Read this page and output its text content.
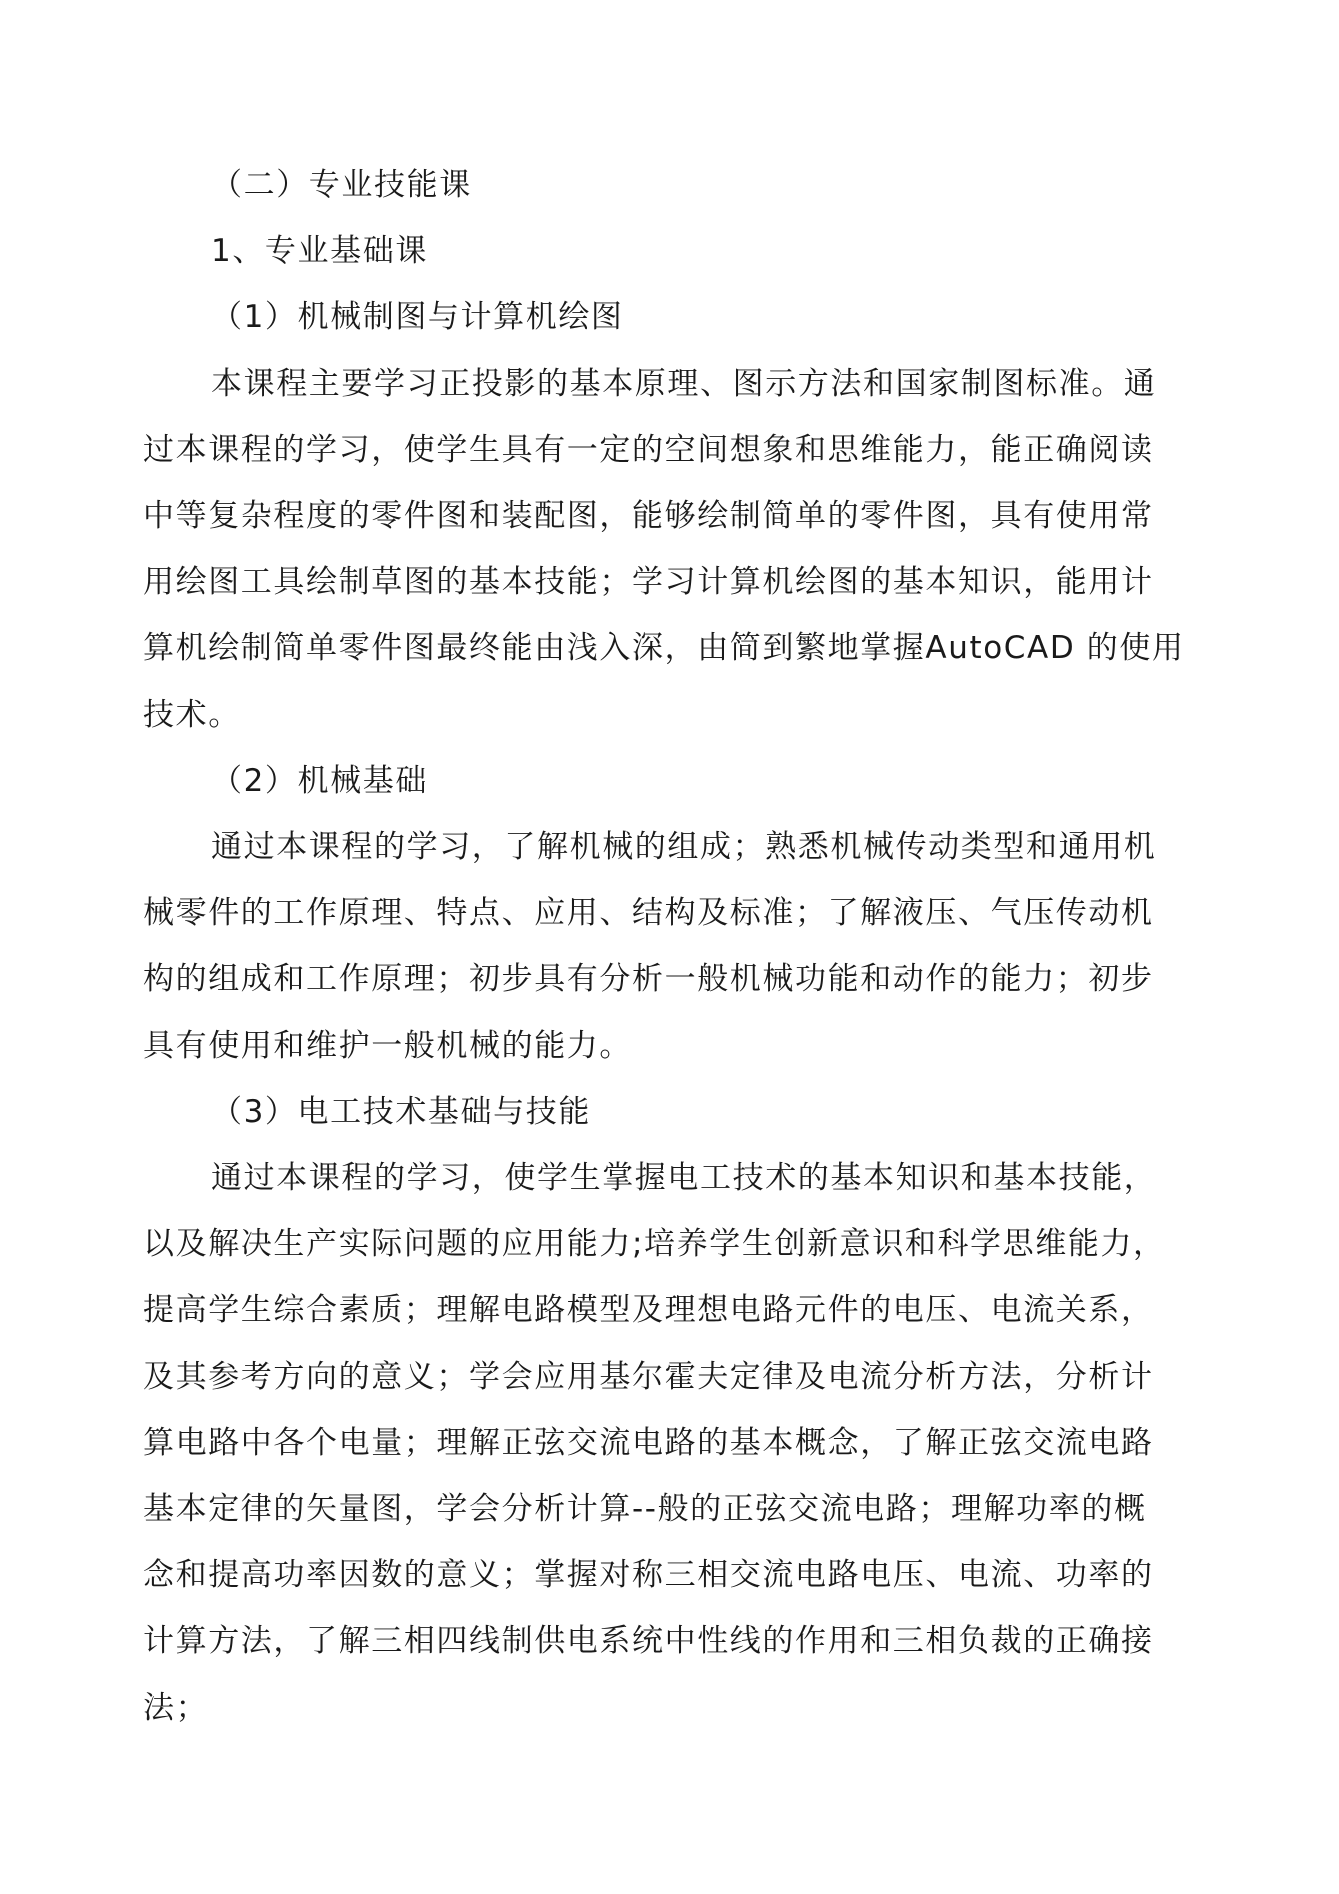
（二）专业技能课
1、专业基础课
（1）机械制图与计算机绘图
本课程主要学习正投影的基本原理、图示方法和国家制图标准。通
过本课程的学习，使学生具有一定的空间想象和思维能力，能正确阅读
中等复杂程度的零件图和装配图，能够绘制简单的零件图，具有使用常
用绘图工具绘制草图的基本技能；学习计算机绘图的基本知识，能用计
算机绘制简单零件图最终能由浅入深，由简到繁地掌握AutoCAD 的使用
技术。
（2）机械基础
通过本课程的学习，了解机械的组成；熟悉机械传动类型和通用机
械零件的工作原理、特点、应用、结构及标准；了解液压、气压传动机
构的组成和工作原理；初步具有分析一般机械功能和动作的能力；初步
具有使用和维护一般机械的能力。
（3）电工技术基础与技能
通过本课程的学习，使学生掌握电工技术的基本知识和基本技能，
以及解决生产实际问题的应用能力;培养学生创新意识和科学思维能力，
提高学生综合素质；理解电路模型及理想电路元件的电压、电流关系，
及其参考方向的意义；学会应用基尔霍夫定律及电流分析方法，分析计
算电路中各个电量；理解正弦交流电路的基本概念，了解正弦交流电路
基本定律的矢量图，学会分析计算--般的正弦交流电路；理解功率的概
念和提高功率因数的意义；掌握对称三相交流电路电压、电流、功率的
计算方法，了解三相四线制供电系统中性线的作用和三相负裁的正确接
法；
